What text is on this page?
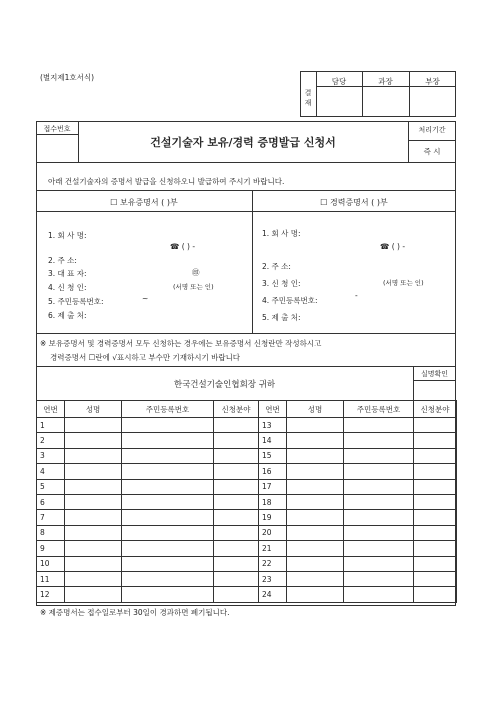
(별지제1호서식)
결 재
담당	과장	부장
접수번호
건설기술자 보유/경력 증명발급 신청서
처리기간
즉 시
아래 건설기술자의 증명서 발급을 신청하오니 발급하여 주시기 바랍니다.
☐ 보유증명서 ( )부	☐ 경력증명서 ( )부
1. 회 사 명:
☎ ( ) -
2. 주 소:
3. 대 표 자:	㊞
4. 신 청 인:	(서명 또는 인)
5. 주민등록번호:	~
6. 제 출 처:
1. 회 사 명:
☎ ( ) -
2. 주 소:
3. 신 청 인:	(서명 또는 인)
4. 주민등록번호:
-
5. 제 출 처:
※ 보유증명서 및 경력증명서 모두 신청하는 경우에는 보유증명서 신청란만 작성하시고
경력증명서 ☐란에 √표시하고 부수만 기재하시기 바랍니다
실명확인
한국건설기술인협회장 귀하
연번	성명	주민등록번호	신청분야	연번	성명	주민등록번호	신청분야
1				13			
2				14			
3				15			
4				16			
5				17			
6				18			
7				19			
8				20			
9				21			
10				22			
11				23			
12				24			
※ 제증명서는 접수일로부터 30일이 경과하면 폐기됩니다.
